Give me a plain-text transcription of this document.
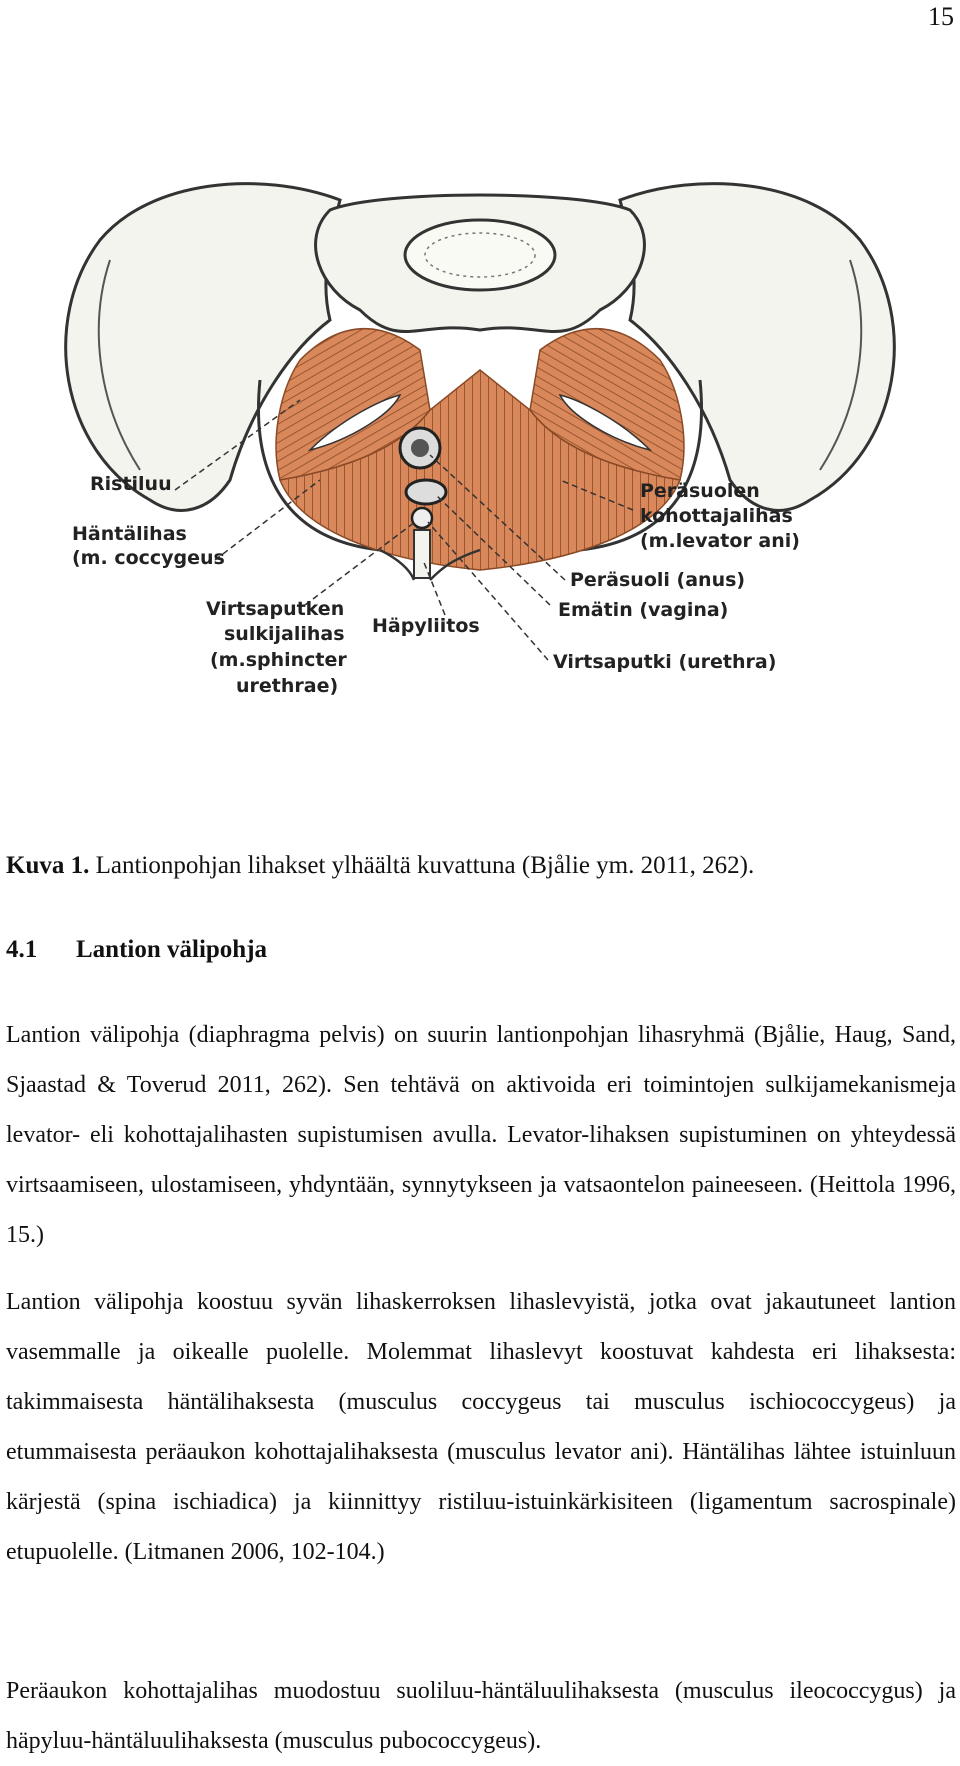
15
Ristiluu
Häntälihas
(m. coccygeus
Virtsaputken
sulkijalihas
(m.sphincter
urethrae)
Häpyliitos
Peräsuolen
kohottajalihas
(m.levator ani)
Peräsuoli (anus)
Emätin (vagina)
Virtsaputki (urethra)
Kuva 1. Lantionpohjan lihakset ylhäältä kuvattuna (Bjålie ym. 2011, 262).
4.1 Lantion välipohja

Lantion välipohja (diaphragma pelvis) on suurin lantionpohjan lihasryhmä (Bjålie, Haug, Sand, Sjaastad & Toverud 2011, 262). Sen tehtävä on aktivoida eri toimintojen sulkijamekanismeja levator- eli kohottajalihasten supistumisen avulla. Levator-lihaksen supistuminen on yhteydessä virtsaamiseen, ulostamiseen, yhdyntään, synnytykseen ja vatsaontelon paineeseen. (Heittola 1996, 15.)

Lantion välipohja koostuu syvän lihaskerroksen lihaslevyistä, jotka ovat jakautuneet lantion vasemmalle ja oikealle puolelle. Molemmat lihaslevyt koostuvat kahdesta eri lihaksesta: takimmaisesta häntälihaksesta (musculus coccygeus tai musculus ischiococcygeus) ja etummaisesta peräaukon kohottajalihaksesta (musculus levator ani). Häntälihas lähtee istuinluun kärjestä (spina ischiadica) ja kiinnittyy ristiluu-istuinkärkisiteen (ligamentum sacrospinale) etupuolelle. (Litmanen 2006, 102-104.)

Peräaukon kohottajalihas muodostuu suoliluu-häntäluulihaksesta (musculus ileococcygus) ja häpyluu-häntäluulihaksesta (musculus pubococcygeus).
